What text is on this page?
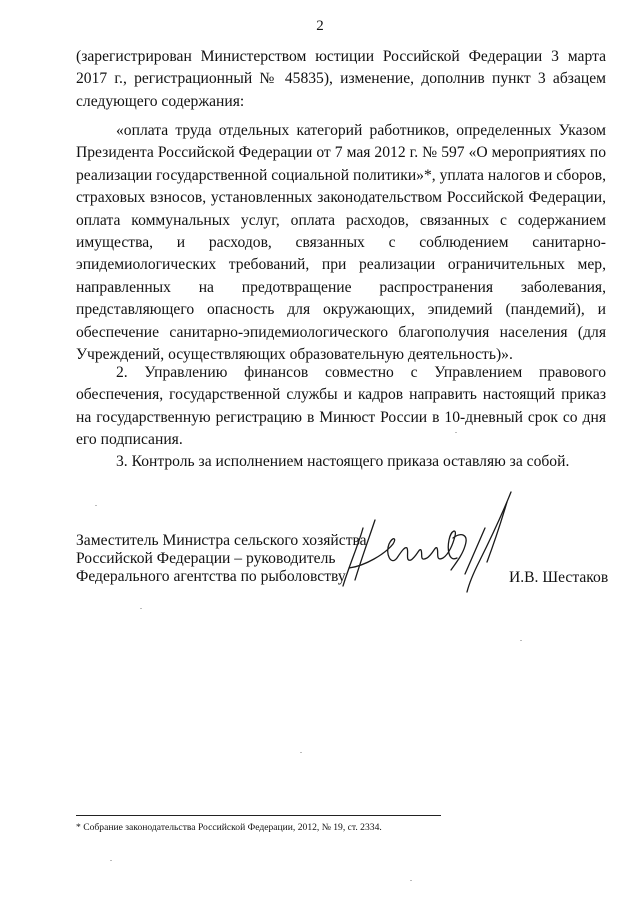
2
(зарегистрирован Министерством юстиции Российской Федерации 3 марта 2017 г., регистрационный № 45835), изменение, дополнив пункт 3 абзацем следующего содержания:
«оплата труда отдельных категорий работников, определенных Указом Президента Российской Федерации от 7 мая 2012 г. № 597 «О мероприятиях по реализации государственной социальной политики»*, уплата налогов и сборов, страховых взносов, установленных законодательством Российской Федерации, оплата коммунальных услуг, оплата расходов, связанных с содержанием имущества, и расходов, связанных с соблюдением санитарно-эпидемиологических требований, при реализации ограничительных мер, направленных на предотвращение распространения заболевания, представляющего опасность для окружающих, эпидемий (пандемий), и обеспечение санитарно-эпидемиологического благополучия населения (для Учреждений, осуществляющих образовательную деятельность)».
2. Управлению финансов совместно с Управлением правового обеспечения, государственной службы и кадров направить настоящий приказ на государственную регистрацию в Минюст России в 10-дневный срок со дня его подписания.
3. Контроль за исполнением настоящего приказа оставляю за собой.
Заместитель Министра сельского хозяйства
Российской Федерации – руководитель
Федерального агентства по рыболовству	И.В. Шестаков
* Собрание законодательства Российской Федерации, 2012, № 19, ст. 2334.
